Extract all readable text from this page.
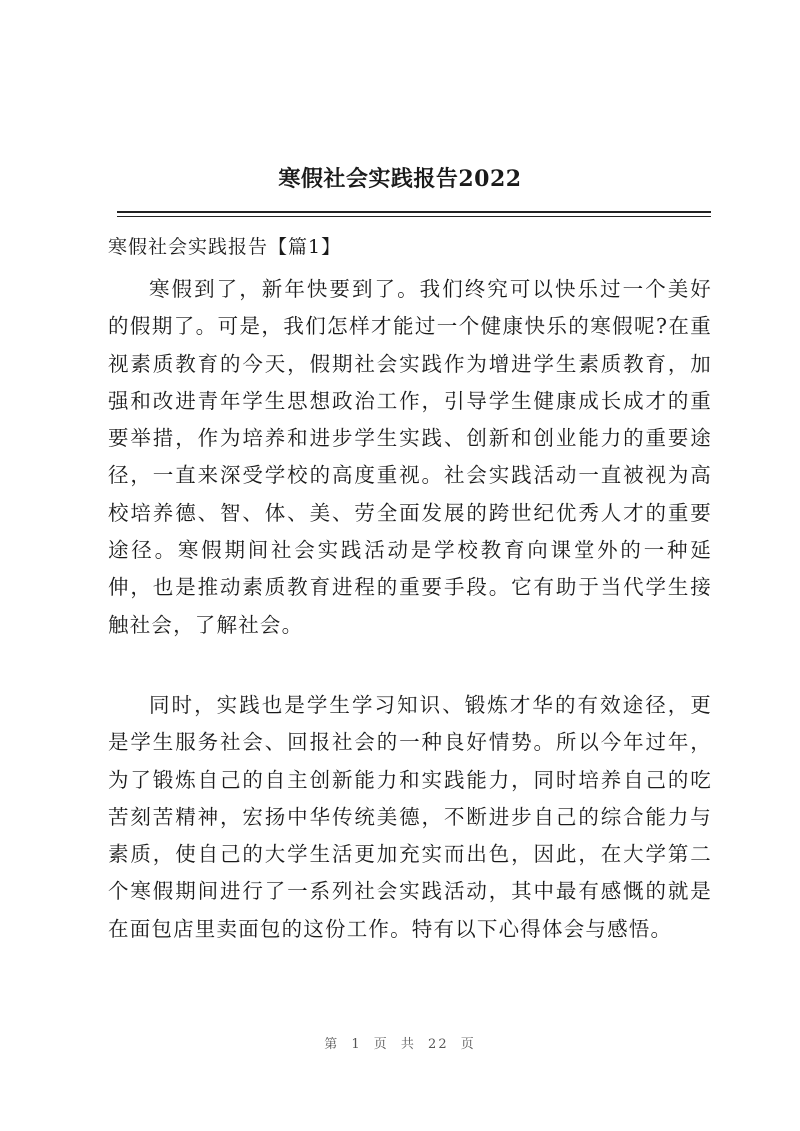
寒假社会实践报告2022
寒假社会实践报告【篇1】

寒假到了，新年快要到了。我们终究可以快乐过一个美好的假期了。可是，我们怎样才能过一个健康快乐的寒假呢?在重视素质教育的今天，假期社会实践作为增进学生素质教育，加强和改进青年学生思想政治工作，引导学生健康成长成才的重要举措，作为培养和进步学生实践、创新和创业能力的重要途径，一直来深受学校的高度重视。社会实践活动一直被视为高校培养德、智、体、美、劳全面发展的跨世纪优秀人才的重要途径。寒假期间社会实践活动是学校教育向课堂外的一种延伸，也是推动素质教育进程的重要手段。它有助于当代学生接触社会，了解社会。

同时，实践也是学生学习知识、锻炼才华的有效途径，更是学生服务社会、回报社会的一种良好情势。所以今年过年，为了锻炼自己的自主创新能力和实践能力，同时培养自己的吃苦刻苦精神，宏扬中华传统美德，不断进步自己的综合能力与素质，使自己的大学生活更加充实而出色，因此，在大学第二个寒假期间进行了一系列社会实践活动，其中最有感慨的就是在面包店里卖面包的这份工作。特有以下心得体会与感悟。

第 1 页 共 22 页
